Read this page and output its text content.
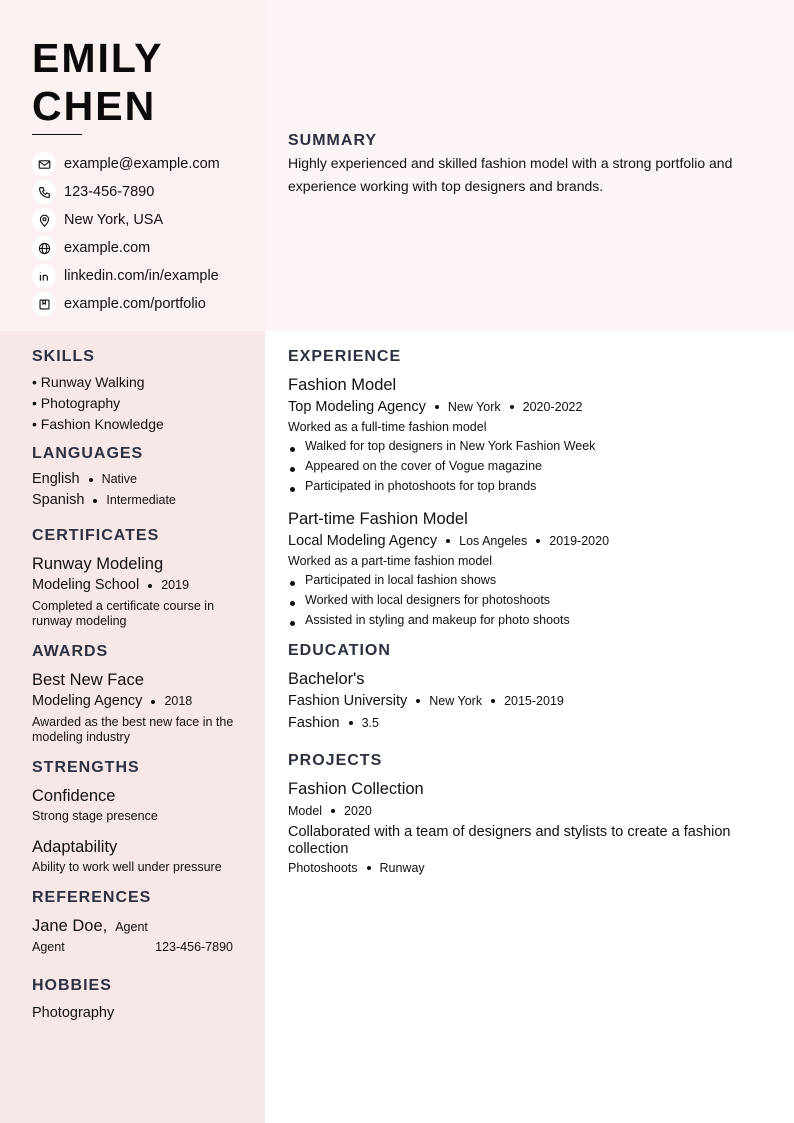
EMILY
CHEN
example@example.com
123-456-7890
New York, USA
example.com
linkedin.com/in/example
example.com/portfolio
SUMMARY

Highly experienced and skilled fashion model with a strong portfolio and experience working with top designers and brands.

SKILLS
• Runway Walking
• Photography
• Fashion Knowledge
LANGUAGES
English Native
Spanish Intermediate
CERTIFICATES
Runway Modeling
Modeling School 2019
Completed a certificate course in runway modeling
AWARDS
Best New Face
Modeling Agency 2018
Awarded as the best new face in the modeling industry
STRENGTHS
Confidence
Strong stage presence
Adaptability
Ability to work well under pressure
REFERENCES
Jane Doe, Agent
Agent	123-456-7890
HOBBIES
Photography
EXPERIENCE
Fashion Model
Top Modeling Agency New York 2020-2022
Worked as a full-time fashion model
Walked for top designers in New York Fashion Week
Appeared on the cover of Vogue magazine
Participated in photoshoots for top brands
Part-time Fashion Model
Local Modeling Agency Los Angeles 2019-2020
Worked as a part-time fashion model
Participated in local fashion shows
Worked with local designers for photoshoots
Assisted in styling and makeup for photo shoots
EDUCATION
Bachelor's
Fashion University New York 2015-2019
Fashion 3.5
PROJECTS
Fashion Collection
Model 2020
Collaborated with a team of designers and stylists to create a fashion collection
Photoshoots Runway
